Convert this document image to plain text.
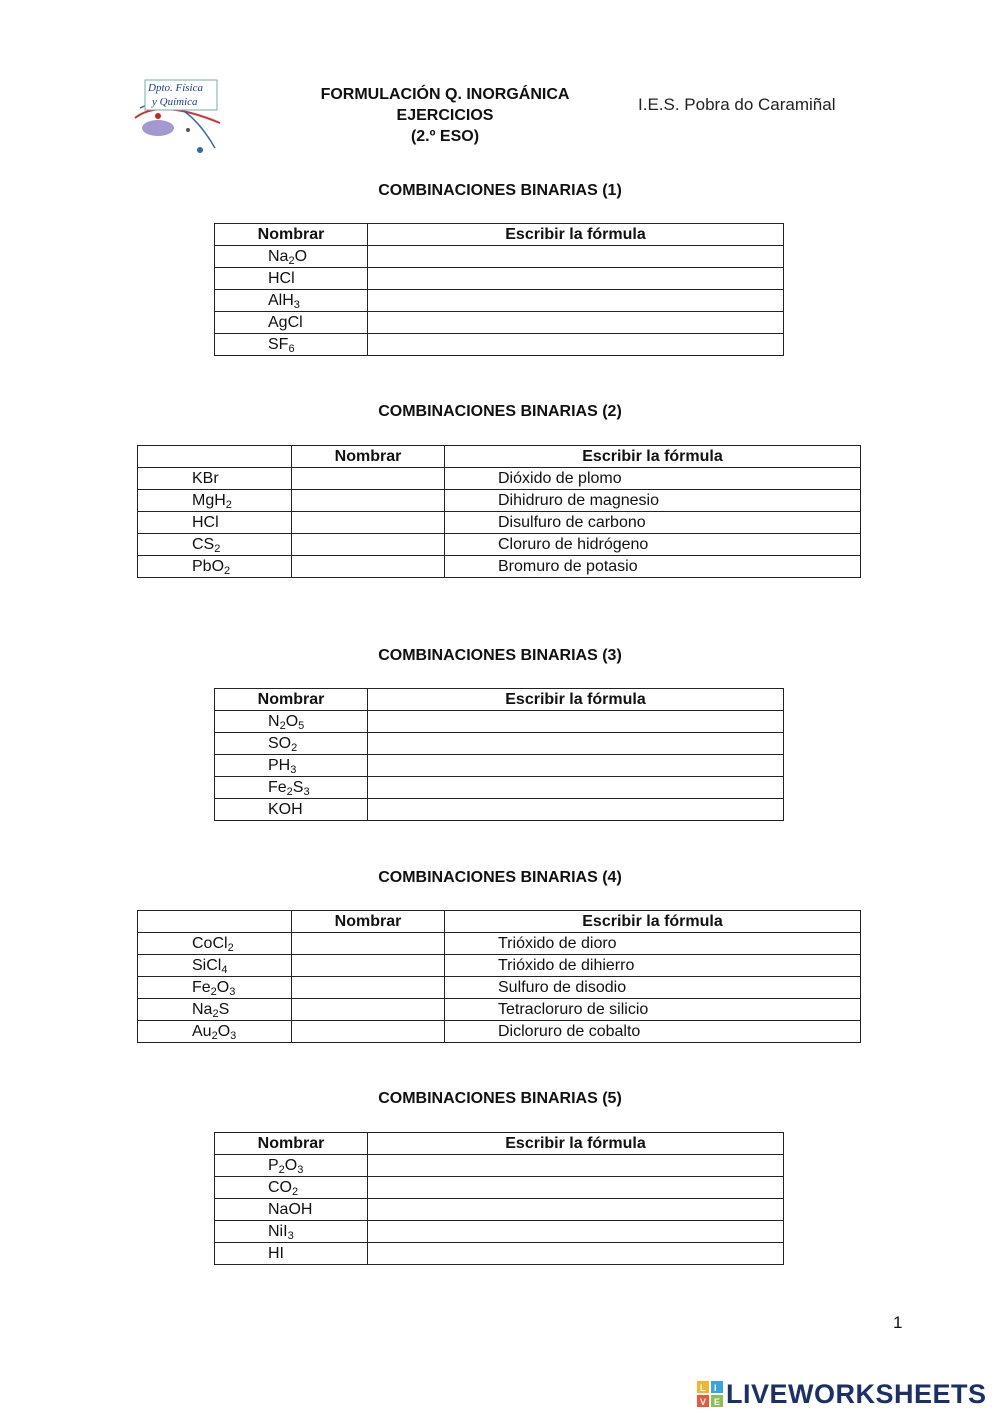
Dpto. Física
y Química	FORMULACIÓN Q. INORGÁNICA
EJERCICIOS
(2.º ESO)
I.E.S. Pobra do Caramiñal
COMBINACIONES BINARIAS (1)
Nombrar	Escribir la fórmula
$Na_2O$	
HCl	
AlH$_3$	
AgCl	
$SF_6$	
COMBINACIONES BINARIAS (2)
	Nombrar	Escribir la fórmula
KBr		Dióxido de plomo
MgH$_2$		Dihidruro de magnesio
HCl		Disulfuro de carbono
$CS_2$		Cloruro de hidrógeno
PbO$_2$		Bromuro de potasio
COMBINACIONES BINARIAS (3)
Nombrar	Escribir la fórmula
$N_2O_5$	
$SO_2$	
$PH_3$	
$Fe_2S_3$	
KOH	
COMBINACIONES BINARIAS (4)
	Nombrar	Escribir la fórmula
CoCl$_2$		Trióxido de dioro
SiCl$_4$		Trióxido de dihierro
$Fe_2O_3$		Sulfuro de disodio
$Na_2S$		Tetracloruro de silicio
$Au_2O_3$		Dicloruro de cobalto
COMBINACIONES BINARIAS (5)
Nombrar	Escribir la fórmula
$P_2O_3$	
$CO_2$	
NaOH	
NiI$_3$	
HI	
1
L I
V E LIVEWORKSHEETS
